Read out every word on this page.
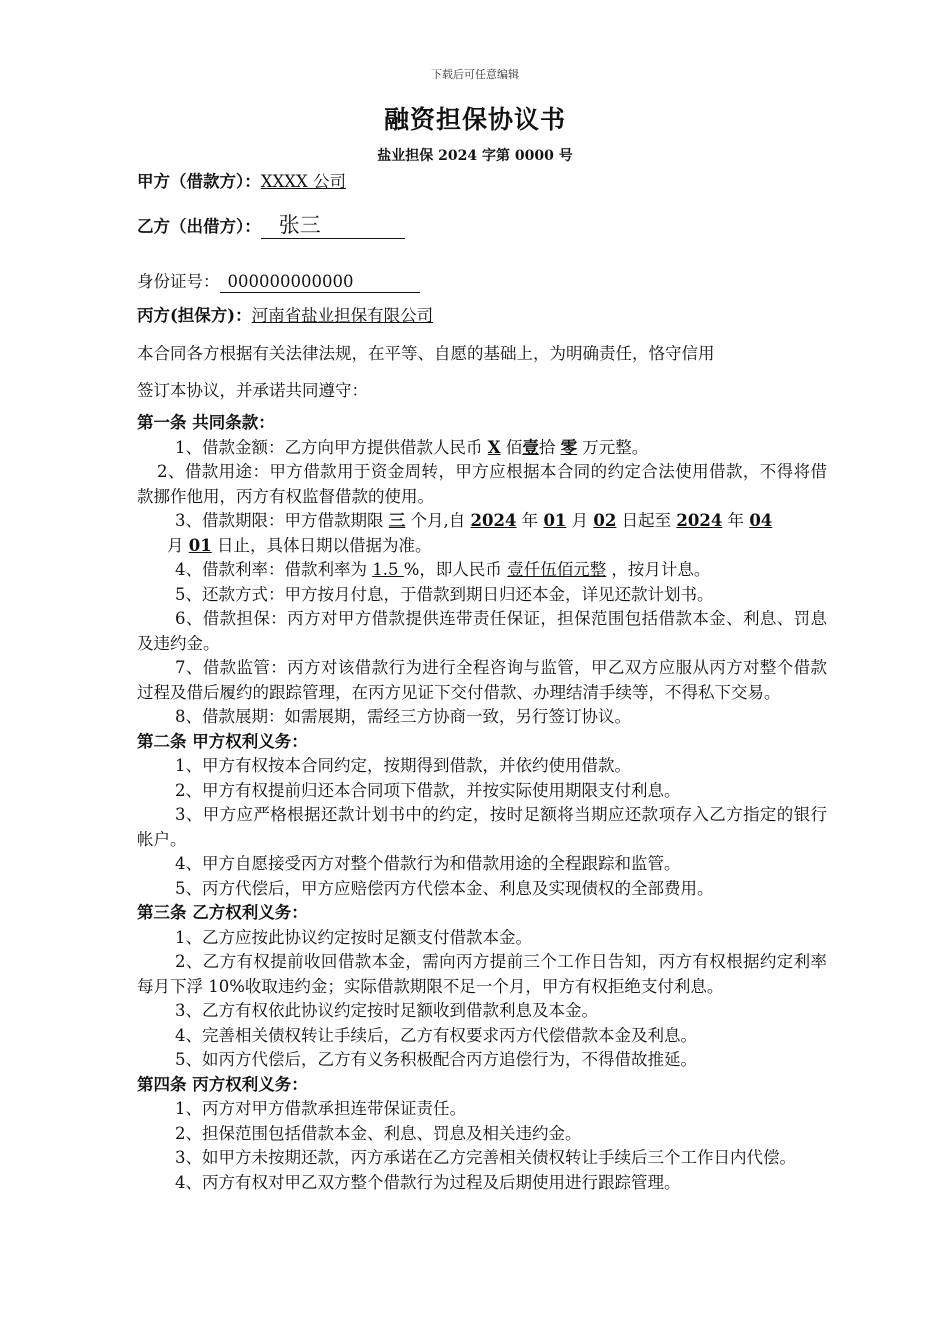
下载后可任意编辑
融资担保协议书
盐业担保 2024 字第 0000 号
甲方（借款方）：XXXX 公司
乙方（出借方）： 张三
身份证号： 000000000000
丙方(担保方)：河南省盐业担保有限公司
本合同各方根据有关法律法规，在平等、自愿的基础上，为明确责任，恪守信用
签订本协议，并承诺共同遵守：

第一条 共同条款：

1、借款金额：乙方向甲方提供借款人民币 X 佰壹拾 零 万元整。

2、借款用途：甲方借款用于资金周转，甲方应根据本合同的约定合法使用借款，不得将借款挪作他用，丙方有权监督借款的使用。

3、借款期限：甲方借款期限 三 个月,自 2024 年 01 月 02 日起至 2024 年 04
月 01 日止，具体日期以借据为准。

4、借款利率：借款利率为 1.5 %，即人民币 壹仟伍佰元整 ，按月计息。

5、还款方式：甲方按月付息，于借款到期日归还本金，详见还款计划书。

6、借款担保：丙方对甲方借款提供连带责任保证，担保范围包括借款本金、利息、罚息及违约金。

7、借款监管：丙方对该借款行为进行全程咨询与监管，甲乙双方应服从丙方对整个借款过程及借后履约的跟踪管理，在丙方见证下交付借款、办理结清手续等，不得私下交易。

8、借款展期：如需展期，需经三方协商一致，另行签订协议。

第二条 甲方权利义务：

1、甲方有权按本合同约定，按期得到借款，并依约使用借款。

2、甲方有权提前归还本合同项下借款，并按实际使用期限支付利息。

3、甲方应严格根据还款计划书中的约定，按时足额将当期应还款项存入乙方指定的银行帐户。

4、甲方自愿接受丙方对整个借款行为和借款用途的全程跟踪和监管。

5、丙方代偿后，甲方应赔偿丙方代偿本金、利息及实现债权的全部费用。

第三条 乙方权利义务：

1、乙方应按此协议约定按时足额支付借款本金。

2、乙方有权提前收回借款本金，需向丙方提前三个工作日告知，丙方有权根据约定利率每月下浮 10%收取违约金；实际借款期限不足一个月，甲方有权拒绝支付利息。

3、乙方有权依此协议约定按时足额收到借款利息及本金。

4、完善相关债权转让手续后，乙方有权要求丙方代偿借款本金及利息。

5、如丙方代偿后，乙方有义务积极配合丙方追偿行为，不得借故推延。

第四条 丙方权利义务：

1、丙方对甲方借款承担连带保证责任。

2、担保范围包括借款本金、利息、罚息及相关违约金。

3、如甲方未按期还款，丙方承诺在乙方完善相关债权转让手续后三个工作日内代偿。

4、丙方有权对甲乙双方整个借款行为过程及后期使用进行跟踪管理。
